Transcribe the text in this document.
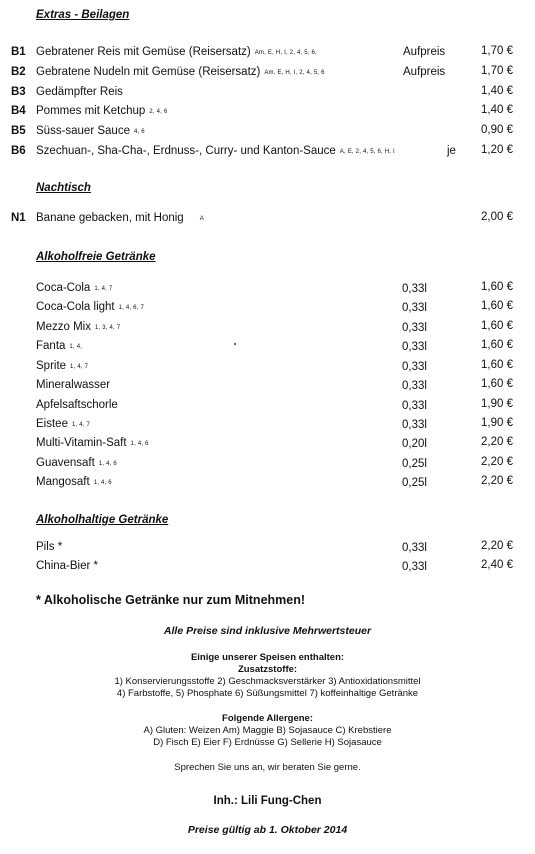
Extras - Beilagen
B1 Gebratener Reis mit Gemüse (Reisersatz) Am, E, H, I, 2, 4, 5, 6,	Aufpreis	1,70 €
B2 Gebratene Nudeln mit Gemüse (Reisersatz) Am, E, H, I, 2, 4, 5, 6	Aufpreis	1,70 €
B3 Gedämpfter Reis	1,40 €
B4 Pommes mit Ketchup 2, 4, 6	1,40 €
B5 Süss-sauer Sauce 4, 6	0,90 €
B6 Szechuan-, Sha-Cha-, Erdnuss-, Curry- und Kanton-Sauce A, E, 2, 4, 5, 6, H, I	je 1,20 €
Nachtisch
N1 Banane gebacken, mit Honig	A	2,00 €
Alkoholfreie Getränke
Coca-Cola 1, 4, 7	0,33l	1,60 €
Coca-Cola light 1, 4, 6, 7	0,33l	1,60 €
Mezzo Mix 1, 3, 4, 7	0,33l	1,60 €
Fanta 1, 4,	0,33l	1,60 €
Sprite 1, 4, 7	0,33l	1,60 €
Mineralwasser	0,33l	1,60 €
Apfelsaftschorle	0,33l	1,90 €
Eistee 1, 4, 7	0,33l	1,90 €
Multi-Vitamin-Saft 1, 4, 6	0,20l	2,20 €
Guavensaft 1, 4, 6	0,25l	2,20 €
Mangosaft 1, 4, 6	0,25l	2,20 €
Alkoholhaltige Getränke
Pils *	0,33l	2,20 €
China-Bier *	0,33l	2,40 €
* Alkoholische Getränke nur zum Mitnehmen!
Alle Preise sind inklusive Mehrwertsteuer
Einige unserer Speisen enthalten:
Zusatzstoffe:
1) Konservierungsstoffe 2) Geschmacksverstärker 3) Antioxidationsmittel
4) Farbstoffe, 5) Phosphate 6) Süßungsmittel 7) koffeinhaltige Getränke
Folgende Allergene:
A) Gluten: Weizen Am) Maggie B) Sojasauce C) Krebstiere
D) Fisch E) Eier F) Erdnüsse G) Sellerie H) Sojasauce
Sprechen Sie uns an, wir beraten Sie gerne.
Inh.: Lili Fung-Chen
Preise gültig ab 1. Oktober 2014
